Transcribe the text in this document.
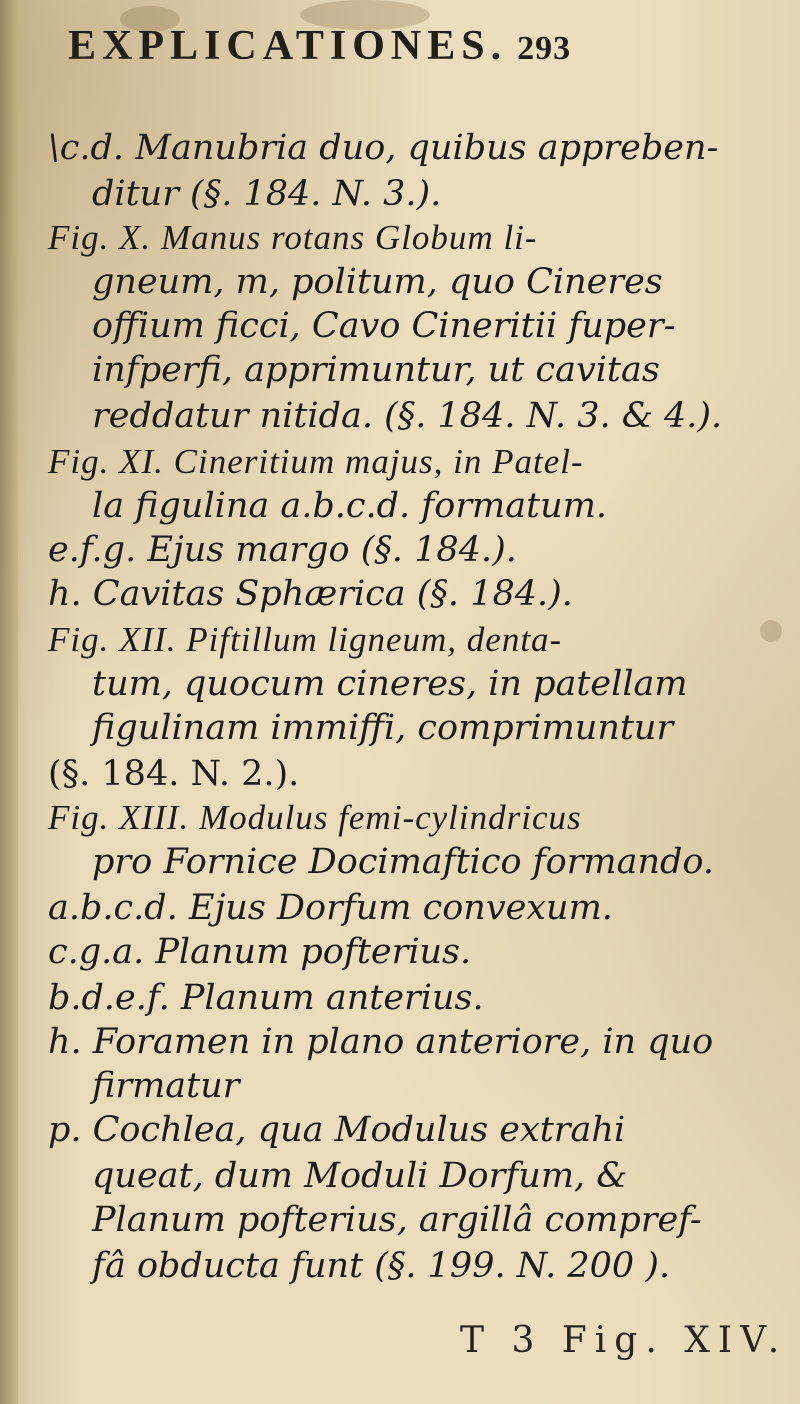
EXPLICATIONES. 293
\c.d. Manubria duo, quibus appreben-
ditur (§. 184. N. 3.).
Fig. X. Manus rotans Globum li-
gneum, m, politum, quo Cineres
offium ficci, Cavo Cineritii fuper-
infperfi, apprimuntur, ut cavitas
reddatur nitida. (§. 184. N. 3. & 4.).
Fig. XI. Cineritium majus, in Patel-
la figulina a.b.c.d. formatum.
e.f.g. Ejus margo (§. 184.).
h. Cavitas Sphærica (§. 184.).
Fig. XII. Piftillum ligneum, denta-
tum, quocum cineres, in patellam
figulinam immiffi, comprimuntur
(§. 184. N. 2.).
Fig. XIII. Modulus femi-cylindricus
pro Fornice Docimaftico formando.
a.b.c.d. Ejus Dorfum convexum.
c.g.a. Planum pofterius.
b.d.e.f. Planum anterius.
h. Foramen in plano anteriore, in quo
firmatur
p. Cochlea, qua Modulus extrahi
queat, dum Moduli Dorfum, &
Planum pofterius, argillâ compref-
fâ obducta funt (§. 199. N. 200 ).
T 3 Fig. XIV.
